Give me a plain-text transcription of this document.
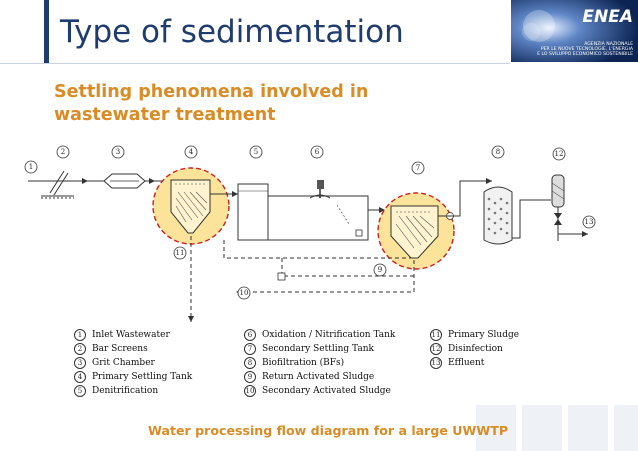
Type of sedimentation	ENEA
AGENZIA NAZIONALE
PER LE NUOVE TECNOLOGIE, L'ENERGIA
E LO SVILUPPO ECONOMICO SOSTENIBILE
Settling phenomena involved in
wastewater treatment
1
2	3	4	5	6
7
8	12
13
11
9
10
1	Inlet Wastewater
2	Bar Screens
3	Grit Chamber
4	Primary Settling Tank
5	Denitrification
6	Oxidation / Nitrification Tank
7	Secondary Settling Tank
8	Biofiltration (BFs)
9	Return Activated Sludge
10 Secondary Activated Sludge
11 Primary Sludge
12 Disinfection
13 Effluent
Water processing flow diagram for a large UWWTP
